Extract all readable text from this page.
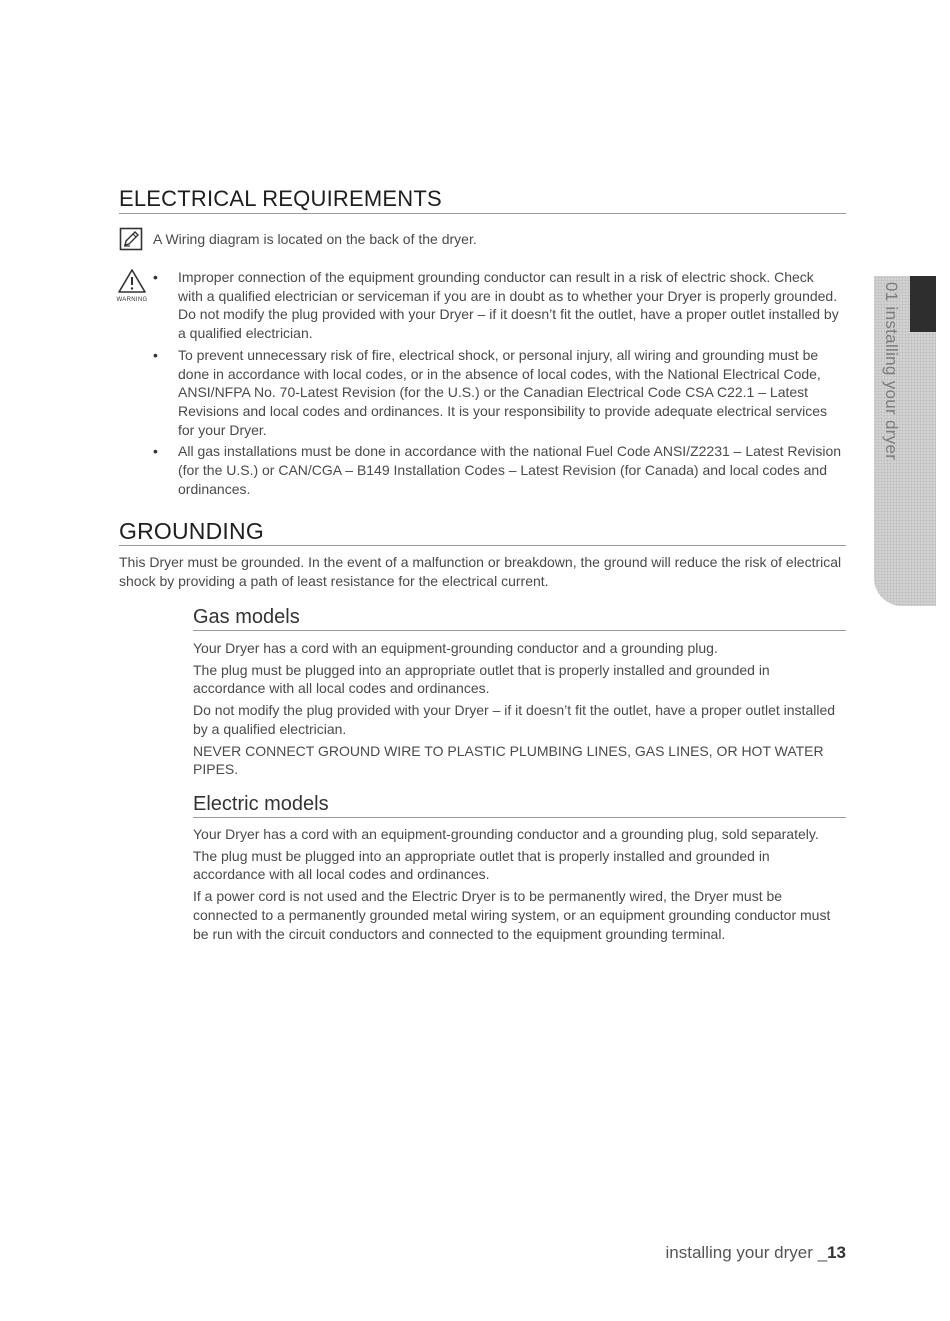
ELECTRICAL REQUIREMENTS
A Wiring diagram is located on the back of the dryer.
WARNING
• Improper connection of the equipment grounding conductor can result in a risk of electric shock. Check with a qualified electrician or serviceman if you are in doubt as to whether your Dryer is properly grounded. Do not modify the plug provided with your Dryer – if it doesn’t fit the outlet, have a proper outlet installed by a qualified electrician.
• To prevent unnecessary risk of fire, electrical shock, or personal injury, all wiring and grounding must be done in accordance with local codes, or in the absence of local codes, with the National Electrical Code, ANSI/NFPA No. 70-Latest Revision (for the U.S.) or the Canadian Electrical Code CSA C22.1 – Latest Revisions and local codes and ordinances. It is your responsibility to provide adequate electrical services for your Dryer.
• All gas installations must be done in accordance with the national Fuel Code ANSI/Z2231 – Latest Revision (for the U.S.) or CAN/CGA – B149 Installation Codes – Latest Revision (for Canada) and local codes and ordinances.
GROUNDING

This Dryer must be grounded. In the event of a malfunction or breakdown, the ground will reduce the risk of electrical shock by providing a path of least resistance for the electrical current.

Gas models

Your Dryer has a cord with an equipment-grounding conductor and a grounding plug.

The plug must be plugged into an appropriate outlet that is properly installed and grounded in accordance with all local codes and ordinances.

Do not modify the plug provided with your Dryer – if it doesn’t fit the outlet, have a proper outlet installed by a qualified electrician.

NEVER CONNECT GROUND WIRE TO PLASTIC PLUMBING LINES, GAS LINES, OR HOT WATER PIPES.

Electric models

Your Dryer has a cord with an equipment-grounding conductor and a grounding plug, sold separately.

The plug must be plugged into an appropriate outlet that is properly installed and grounded in accordance with all local codes and ordinances.

If a power cord is not used and the Electric Dryer is to be permanently wired, the Dryer must be connected to a permanently grounded metal wiring system, or an equipment grounding conductor must be run with the circuit conductors and connected to the equipment grounding terminal.

01 installing your dryer
installing your dryer _13
